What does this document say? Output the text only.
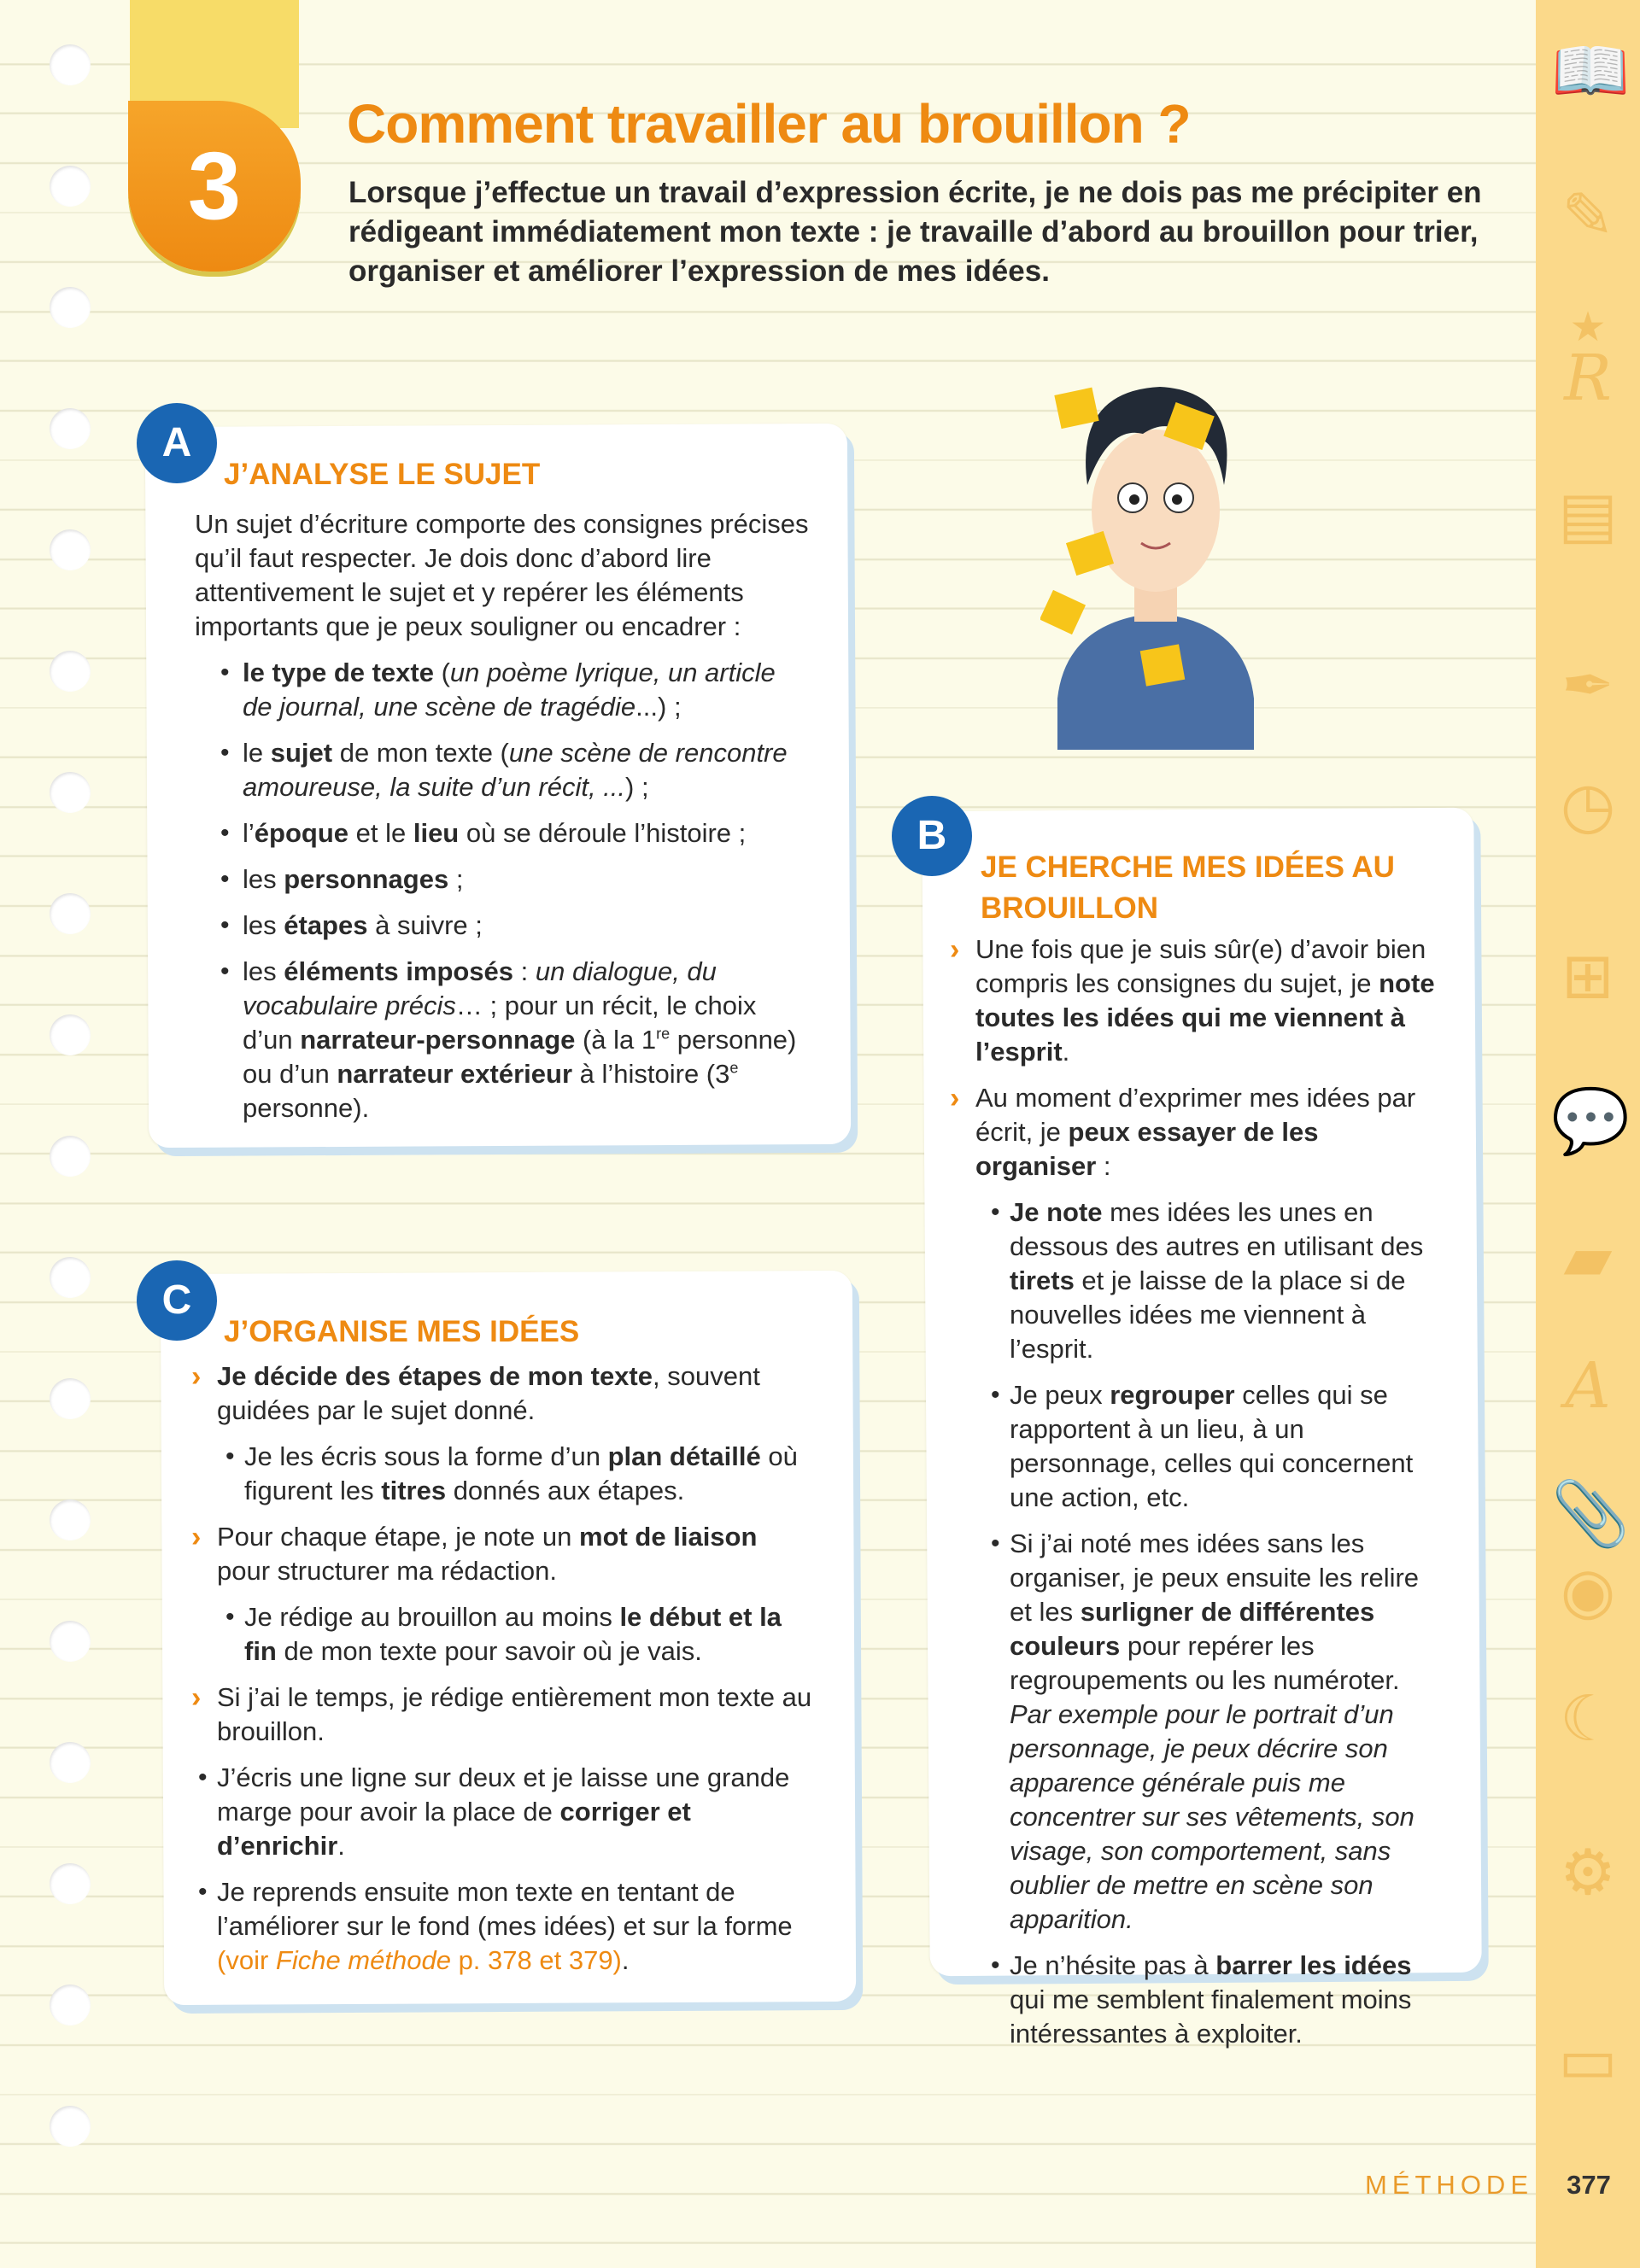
📖
✎
★
R
▤
✒
◷
⊞
💬
▰
A
📎
◉
☾
⚙
▭
3
Comment travailler au brouillon ?

Lorsque j’effectue un travail d’expression écrite, je ne dois pas me précipiter en rédigeant immédiatement mon texte : je travaille d’abord au brouillon pour trier, organiser et améliorer l’expression de mes idées.

A
J’ANALYSE LE SUJET

Un sujet d’écriture comporte des consignes précises qu’il faut respecter. Je dois donc d’abord lire attentivement le sujet et y repérer les éléments importants que je peux souligner ou encadrer :

• le type de texte (un poème lyrique, un article de journal, une scène de tragédie...) ;
• le sujet de mon texte (une scène de rencontre amoureuse, la suite d’un récit, ...) ;
• l’époque et le lieu où se déroule l’histoire ;
• les personnages ;
• les étapes à suivre ;
• les éléments imposés : un dialogue, du vocabulaire précis… ; pour un récit, le choix d’un narrateur-personnage (à la 1re personne) ou d’un narrateur extérieur à l’histoire (3e personne).
B
JE CHERCHE MES IDÉES AU BROUILLON

› Une fois que je suis sûr(e) d’avoir bien compris les consignes du sujet, je note toutes les idées qui me viennent à l’esprit.

› Au moment d’exprimer mes idées par écrit, je peux essayer de les organiser :

• Je note mes idées les unes en dessous des autres en utilisant des tirets et je laisse de la place si de nouvelles idées me viennent à l’esprit.
• Je peux regrouper celles qui se rapportent à un lieu, à un personnage, celles qui concernent une action, etc.
• Si j’ai noté mes idées sans les organiser, je peux ensuite les relire et les surligner de différentes couleurs pour repérer les regroupements ou les numéroter. Par exemple pour le portrait d’un personnage, je peux décrire son apparence générale puis me concentrer sur ses vêtements, son visage, son comportement, sans oublier de mettre en scène son apparition.
• Je n’hésite pas à barrer les idées qui me semblent finalement moins intéressantes à exploiter.
C
J’ORGANISE MES IDÉES

› Je décide des étapes de mon texte, souvent guidées par le sujet donné.

• Je les écris sous la forme d’un plan détaillé où figurent les titres donnés aux étapes.

› Pour chaque étape, je note un mot de liaison pour structurer ma rédaction.

• Je rédige au brouillon au moins le début et la fin de mon texte pour savoir où je vais.

› Si j’ai le temps, je rédige entièrement mon texte au brouillon.

• J’écris une ligne sur deux et je laisse une grande marge pour avoir la place de corriger et d’enrichir.
• Je reprends ensuite mon texte en tentant de l’améliorer sur le fond (mes idées) et sur la forme (voir Fiche méthode p. 378 et 379).
MÉTHODE	377
